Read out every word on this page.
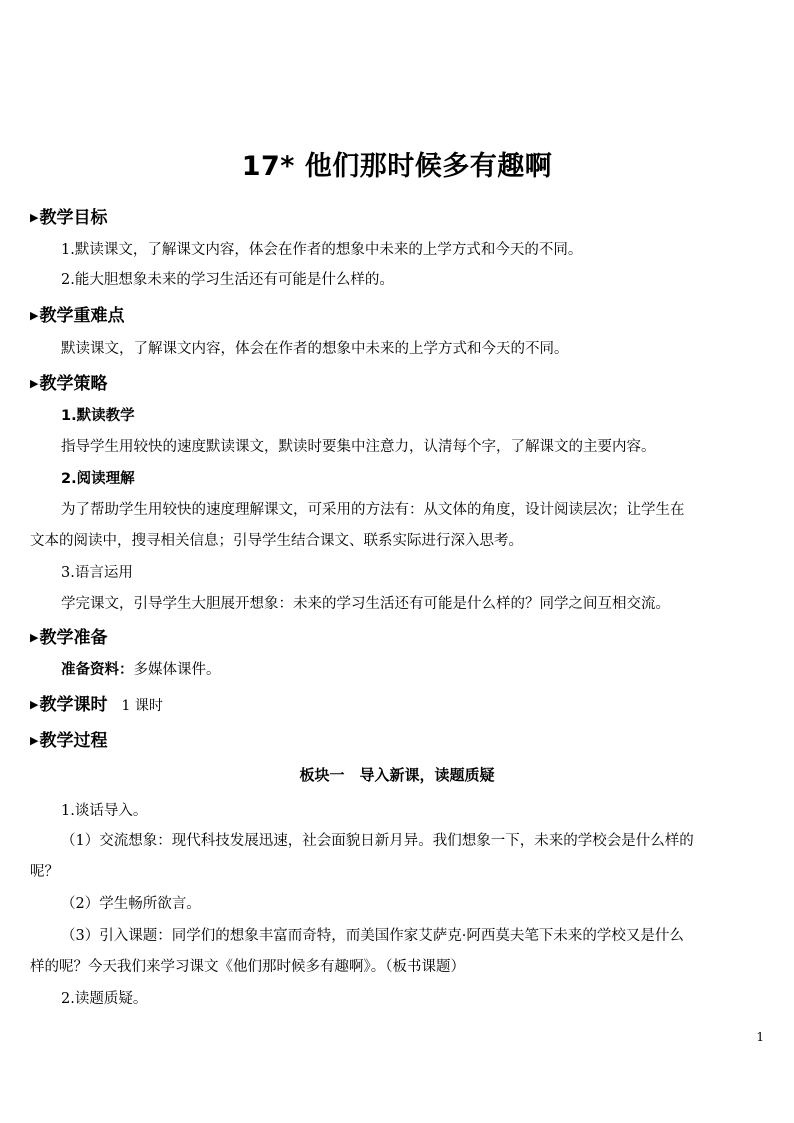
17* 他们那时候多有趣啊
▶教学目标
1.默读课文，了解课文内容，体会在作者的想象中未来的上学方式和今天的不同。
2.能大胆想象未来的学习生活还有可能是什么样的。
▶教学重难点
默读课文，了解课文内容，体会在作者的想象中未来的上学方式和今天的不同。
▶教学策略
1.默读教学
指导学生用较快的速度默读课文，默读时要集中注意力，认清每个字，了解课文的主要内容。
2.阅读理解
为了帮助学生用较快的速度理解课文，可采用的方法有：从文体的角度，设计阅读层次；让学生在
文本的阅读中，搜寻相关信息；引导学生结合课文、联系实际进行深入思考。
3.语言运用
学完课文，引导学生大胆展开想象：未来的学习生活还有可能是什么样的？同学之间互相交流。
▶教学准备
准备资料：多媒体课件。
▶教学课时 1 课时
▶教学过程
板块一　导入新课，读题质疑
1.谈话导入。
（1）交流想象：现代科技发展迅速，社会面貌日新月异。我们想象一下，未来的学校会是什么样的
呢？
（2）学生畅所欲言。
（3）引入课题：同学们的想象丰富而奇特，而美国作家艾萨克·阿西莫夫笔下未来的学校又是什么
样的呢？今天我们来学习课文《他们那时候多有趣啊》。（板书课题）
2.读题质疑。
1
